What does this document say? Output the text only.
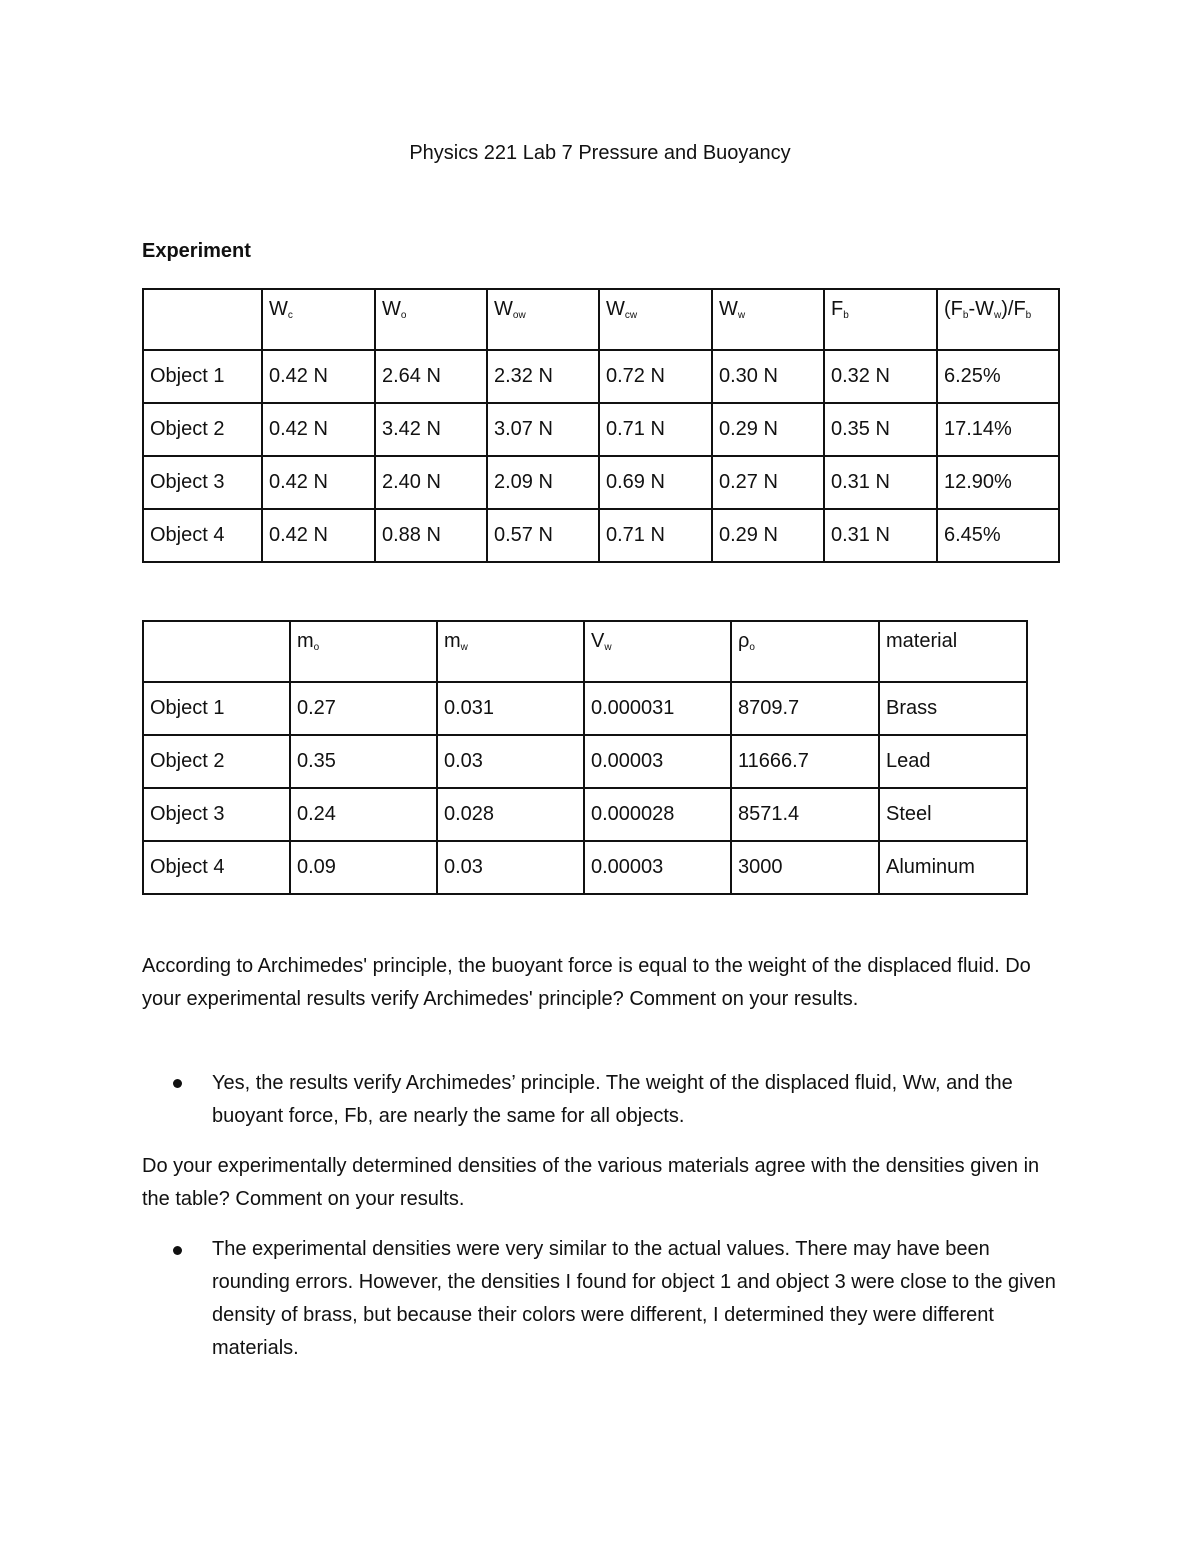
Physics 221 Lab 7 Pressure and Buoyancy
Experiment
	$W_c$	$W_o$	$W_{ow}$	$W_{cw}$	$W_w$	$F_b$	$(F_b-W_w)/F_b$
Object 1	0.42 N	2.64 N	2.32 N	0.72 N	0.30 N	0.32 N	6.25%
Object 2	0.42 N	3.42 N	3.07 N	0.71 N	0.29 N	0.35 N	17.14%
Object 3	0.42 N	2.40 N	2.09 N	0.69 N	0.27 N	0.31 N	12.90%
Object 4	0.42 N	0.88 N	0.57 N	0.71 N	0.29 N	0.31 N	6.45%
	$m_o$	$m_w$	$V_w$	$\rho_o$	material
Object 1	0.27	0.031	0.000031	8709.7	Brass
Object 2	0.35	0.03	0.00003	11666.7	Lead
Object 3	0.24	0.028	0.000028	8571.4	Steel
Object 4	0.09	0.03	0.00003	3000	Aluminum

According to Archimedes' principle, the buoyant force is equal to the weight of the displaced fluid. Do your experimental results verify Archimedes' principle? Comment on your results.

Yes, the results verify Archimedes’ principle. The weight of the displaced fluid, Ww, and the buoyant force, Fb, are nearly the same for all objects.

Do your experimentally determined densities of the various materials agree with the densities given in the table? Comment on your results.

The experimental densities were very similar to the actual values. There may have been rounding errors. However, the densities I found for object 1 and object 3 were close to the given density of brass, but because their colors were different, I determined they were different materials.
